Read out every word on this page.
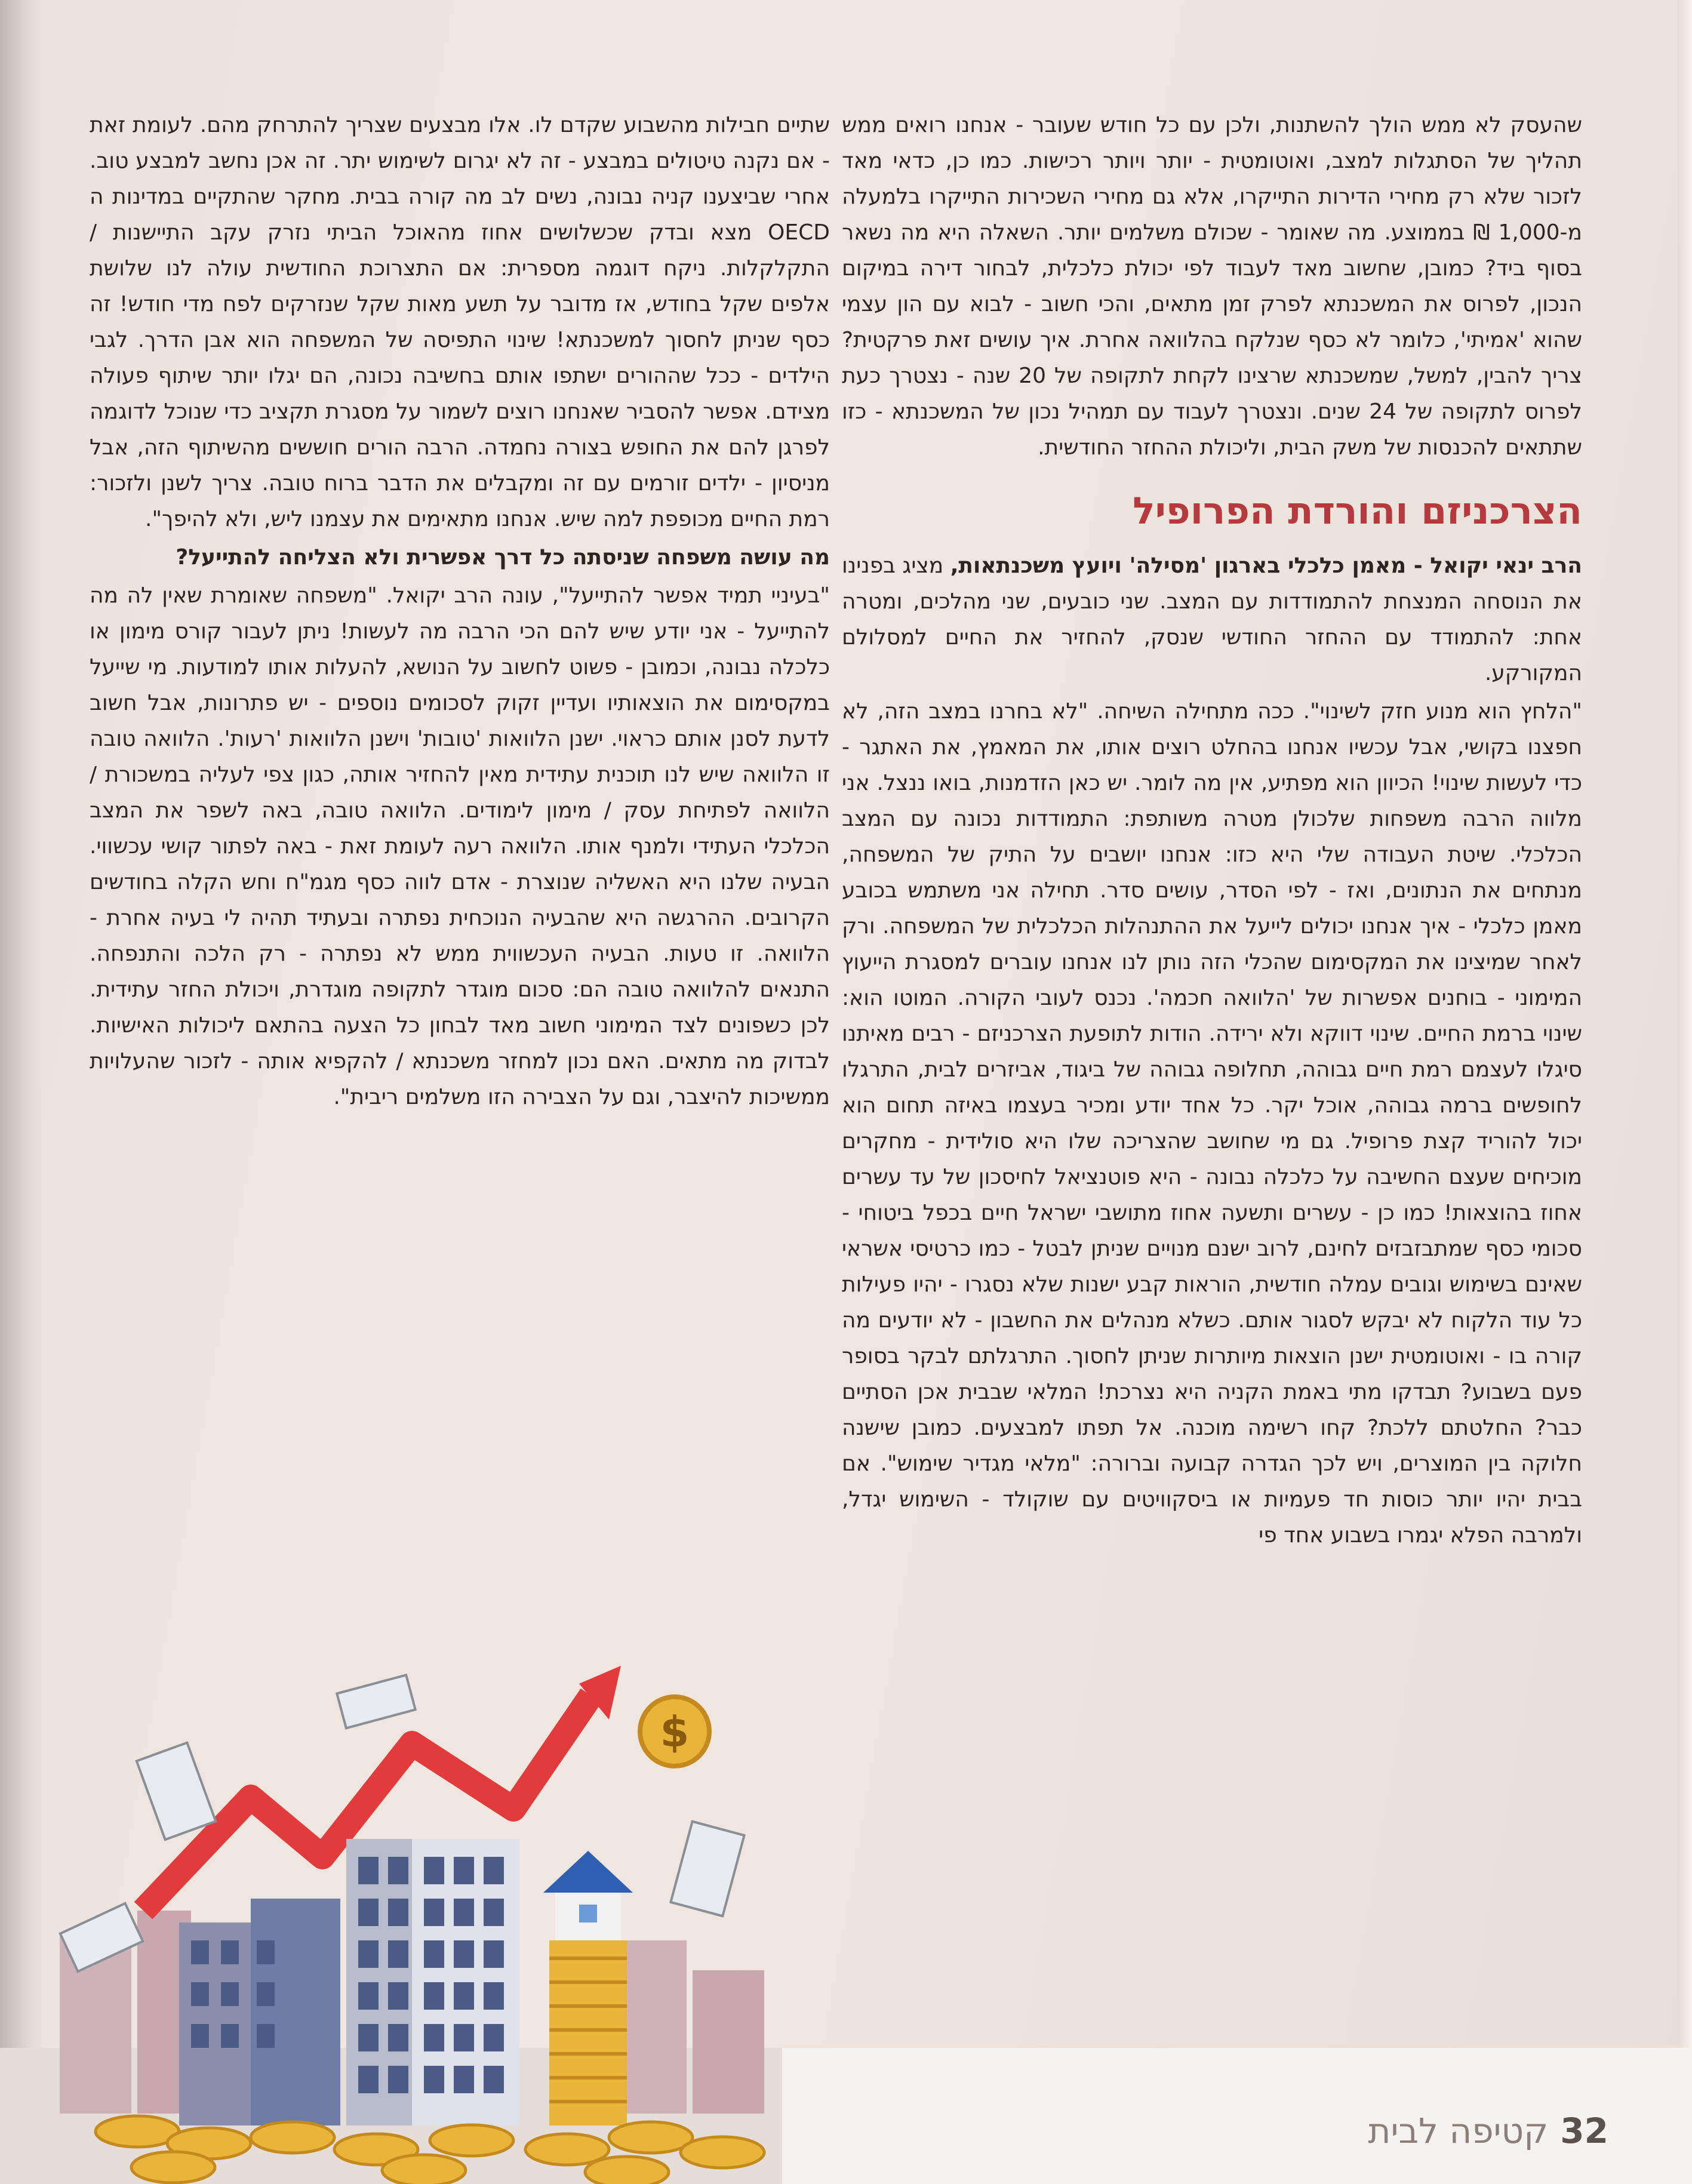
שהעסק לא ממש הולך להשתנות, ולכן עם כל חודש שעובר - אנחנו רואים ממש תהליך של הסתגלות למצב, ואוטומטית - יותר ויותר רכישות. כמו כן, כדאי מאד לזכור שלא רק מחירי הדירות התייקרו, אלא גם מחירי השכירות התייקרו בלמעלה מ-1,000 ₪ בממוצע. מה שאומר - שכולם משלמים יותר. השאלה היא מה נשאר בסוף ביד? כמובן, שחשוב מאד לעבוד לפי יכולת כלכלית, לבחור דירה במיקום הנכון, לפרוס את המשכנתא לפרק זמן מתאים, והכי חשוב - לבוא עם הון עצמי שהוא 'אמיתי', כלומר לא כסף שנלקח בהלוואה אחרת. איך עושים זאת פרקטית? צריך להבין, למשל, שמשכנתא שרצינו לקחת לתקופה של 20 שנה - נצטרך כעת לפרוס לתקופה של 24 שנים. ונצטרך לעבוד עם תמהיל נכון של המשכנתא - כזו שתתאים להכנסות של משק הבית, וליכולת ההחזר החודשית.

הצרכניזם והורדת הפרופיל

הרב ינאי יקואל - מאמן כלכלי בארגון 'מסילה' ויועץ משכנתאות, מציג בפנינו את הנוסחה המנצחת להתמודדות עם המצב. שני כובעים, שני מהלכים, ומטרה אחת: להתמודד עם ההחזר החודשי שנסק, להחזיר את החיים למסלולם המקורקע.

"הלחץ הוא מנוע חזק לשינוי". ככה מתחילה השיחה. "לא בחרנו במצב הזה, לא חפצנו בקושי, אבל עכשיו אנחנו בהחלט רוצים אותו, את המאמץ, את האתגר - כדי לעשות שינוי! הכיוון הוא מפתיע, אין מה לומר. יש כאן הזדמנות, בואו ננצל. אני מלווה הרבה משפחות שלכולן מטרה משותפת: התמודדות נכונה עם המצב הכלכלי. שיטת העבודה שלי היא כזו: אנחנו יושבים על התיק של המשפחה, מנתחים את הנתונים, ואז - לפי הסדר, עושים סדר. תחילה אני משתמש בכובע מאמן כלכלי - איך אנחנו יכולים לייעל את ההתנהלות הכלכלית של המשפחה. ורק לאחר שמיצינו את המקסימום שהכלי הזה נותן לנו אנחנו עוברים למסגרת הייעוץ המימוני - בוחנים אפשרות של 'הלוואה חכמה'. נכנס לעובי הקורה. המוטו הוא: שינוי ברמת החיים. שינוי דווקא ולא ירידה. הודות לתופעת הצרכניזם - רבים מאיתנו סיגלו לעצמם רמת חיים גבוהה, תחלופה גבוהה של ביגוד, אביזרים לבית, התרגלו לחופשים ברמה גבוהה, אוכל יקר. כל אחד יודע ומכיר בעצמו באיזה תחום הוא יכול להוריד קצת פרופיל. גם מי שחושב שהצריכה שלו היא סולידית - מחקרים מוכיחים שעצם החשיבה על כלכלה נבונה - היא פוטנציאל לחיסכון של עד עשרים אחוז בהוצאות! כמו כן - עשרים ותשעה אחוז מתושבי ישראל חיים בכפל ביטוחי - סכומי כסף שמתבזבזים לחינם, לרוב ישנם מנויים שניתן לבטל - כמו כרטיסי אשראי שאינם בשימוש וגובים עמלה חודשית, הוראות קבע ישנות שלא נסגרו - יהיו פעילות כל עוד הלקוח לא יבקש לסגור אותם. כשלא מנהלים את החשבון - לא יודעים מה קורה בו - ואוטומטית ישנן הוצאות מיותרות שניתן לחסוך. התרגלתם לבקר בסופר פעם בשבוע? תבדקו מתי באמת הקניה היא נצרכת! המלאי שבבית אכן הסתיים כבר? החלטתם ללכת? קחו רשימה מוכנה. אל תפתו למבצעים. כמובן שישנה חלוקה בין המוצרים, ויש לכך הגדרה קבועה וברורה: "מלאי מגדיר שימוש". אם בבית יהיו יותר כוסות חד פעמיות או ביסקוויטים עם שוקולד - השימוש יגדל, ולמרבה הפלא יגמרו בשבוע אחד פי

שתיים חבילות מהשבוע שקדם לו. אלו מבצעים שצריך להתרחק מהם. לעומת זאת - אם נקנה טיטולים במבצע - זה לא יגרום לשימוש יתר. זה אכן נחשב למבצע טוב. אחרי שביצענו קניה נבונה, נשים לב מה קורה בבית. מחקר שהתקיים במדינות ה OECD מצא ובדק שכשלושים אחוז מהאוכל הביתי נזרק עקב התיישנות / התקלקלות. ניקח דוגמה מספרית: אם התצרוכת החודשית עולה לנו שלושת אלפים שקל בחודש, אז מדובר על תשע מאות שקל שנזרקים לפח מדי חודש! זה כסף שניתן לחסוך למשכנתא! שינוי התפיסה של המשפחה הוא אבן הדרך. לגבי הילדים - ככל שההורים ישתפו אותם בחשיבה נכונה, הם יגלו יותר שיתוף פעולה מצידם. אפשר להסביר שאנחנו רוצים לשמור על מסגרת תקציב כדי שנוכל לדוגמה לפרגן להם את החופש בצורה נחמדה. הרבה הורים חוששים מהשיתוף הזה, אבל מניסיון - ילדים זורמים עם זה ומקבלים את הדבר ברוח טובה. צריך לשנן ולזכור: רמת החיים מכופפת למה שיש. אנחנו מתאימים את עצמנו ליש, ולא להיפך".

מה עושה משפחה שניסתה כל דרך אפשרית ולא הצליחה להתייעל?

"בעיניי תמיד אפשר להתייעל", עונה הרב יקואל. "משפחה שאומרת שאין לה מה להתייעל - אני יודע שיש להם הכי הרבה מה לעשות! ניתן לעבור קורס מימון או כלכלה נבונה, וכמובן - פשוט לחשוב על הנושא, להעלות אותו למודעות. מי שייעל במקסימום את הוצאותיו ועדיין זקוק לסכומים נוספים - יש פתרונות, אבל חשוב לדעת לסנן אותם כראוי. ישנן הלוואות 'טובות' וישנן הלוואות 'רעות'. הלוואה טובה זו הלוואה שיש לנו תוכנית עתידית מאין להחזיר אותה, כגון צפי לעליה במשכורת / הלוואה לפתיחת עסק / מימון לימודים. הלוואה טובה, באה לשפר את המצב הכלכלי העתידי ולמנף אותו. הלוואה רעה לעומת זאת - באה לפתור קושי עכשווי. הבעיה שלנו היא האשליה שנוצרת - אדם לווה כסף מגמ"ח וחש הקלה בחודשים הקרובים. ההרגשה היא שהבעיה הנוכחית נפתרה ובעתיד תהיה לי בעיה אחרת - הלוואה. זו טעות. הבעיה העכשווית ממש לא נפתרה - רק הלכה והתנפחה. התנאים להלוואה טובה הם: סכום מוגדר לתקופה מוגדרת, ויכולת החזר עתידית. לכן כשפונים לצד המימוני חשוב מאד לבחון כל הצעה בהתאם ליכולות האישיות. לבדוק מה מתאים. האם נכון למחזר משכנתא / להקפיא אותה - לזכור שהעלויות ממשיכות להיצבר, וגם על הצבירה הזו משלמים ריבית".

32קטיפה לבית
$
